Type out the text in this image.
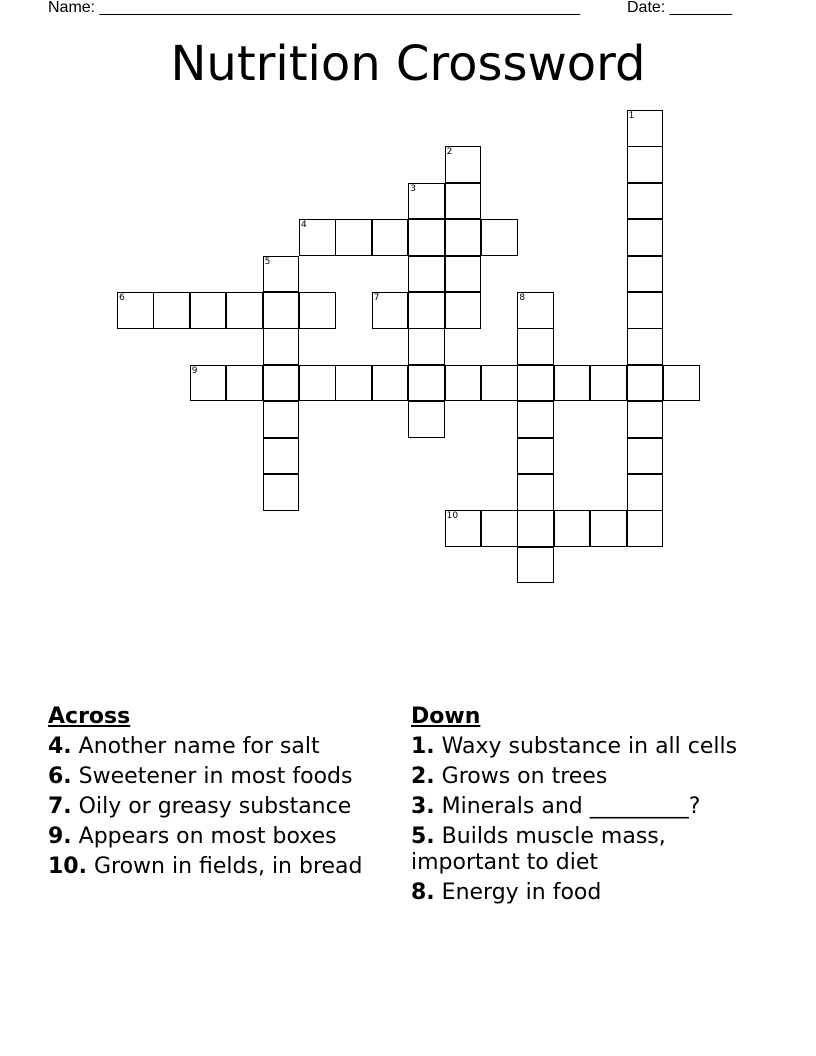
Name: ______________________________________________________	Date: _______
Nutrition Crossword
1
2
3
4
5
6	7	8
9
10
Across
4. Another name for salt
6. Sweetener in most foods
7. Oily or greasy substance
9. Appears on most boxes
10. Grown in fields, in bread
Down
1. Waxy substance in all cells
2. Grows on trees
3. Minerals and _________?
5. Builds muscle mass, important to diet
8. Energy in food
